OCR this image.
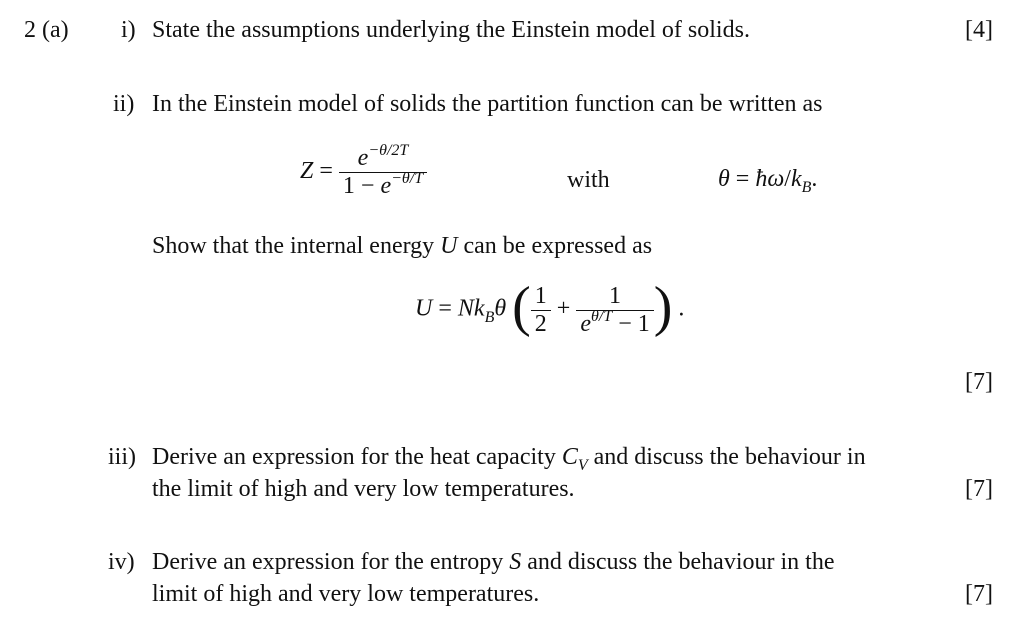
2 (a) i) State the assumptions underlying the Einstein model of solids.	[4]
ii) In the Einstein model of solids the partition function can be written as
$Z = \frac{e^{-\theta/2T}}{1 - e^{-\theta/T}}$	with	$\theta = ħ\omega/k_B$.
Show that the internal energy U can be expressed as
$U = Nk_B\theta$ ( $\frac{1}{2} + \frac{1}{e^{\theta/T} - 1}$ ) .
[7]
iii) Derive an expression for the heat capacity $C_V$ and discuss the behaviour in
the limit of high and very low temperatures.	[7]
iv) Derive an expression for the entropy S and discuss the behaviour in the
limit of high and very low temperatures.	[7]
